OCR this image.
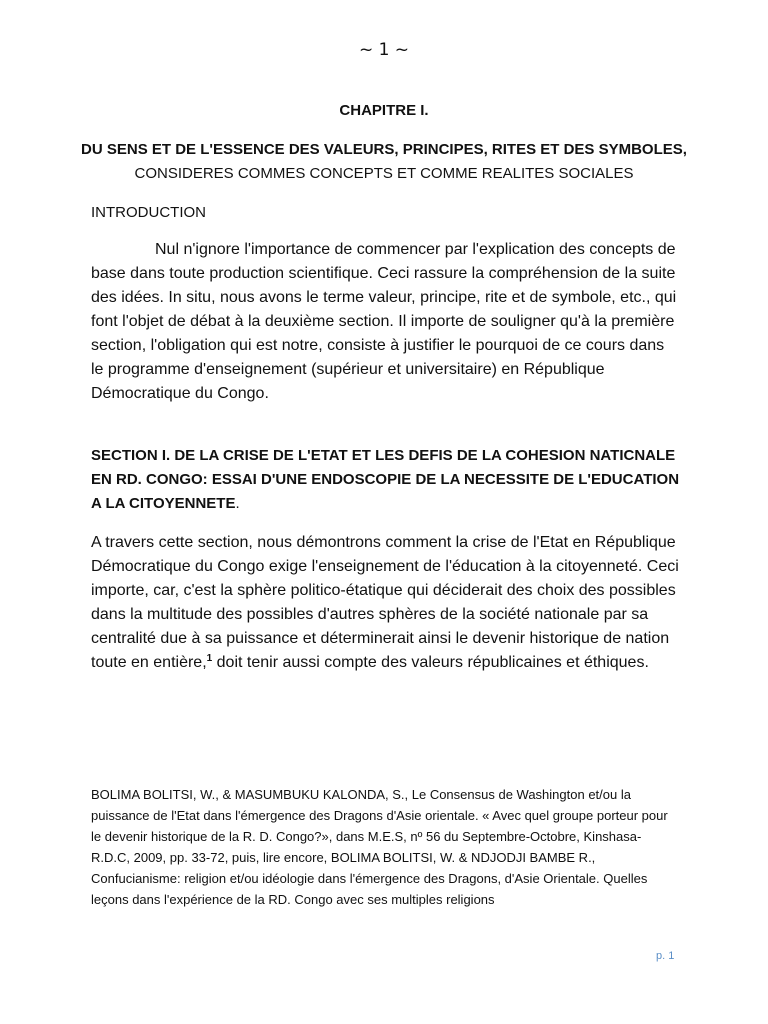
~ 1 ~
CHAPITRE I.
DU SENS ET DE L'ESSENCE DES VALEURS, PRINCIPES, RITES ET DES SYMBOLES,
CONSIDERES COMMES CONCEPTS ET COMME REALITES SOCIALES
INTRODUCTION

Nul n'ignore l'importance de commencer par l'explication des concepts de base dans toute production scientifique. Ceci rassure la compréhension de la suite des idées. In situ, nous avons le terme valeur, principe, rite et de symbole, etc., qui font l'objet de débat à la deuxième section. Il importe de souligner qu'à la première section, l'obligation qui est notre, consiste à justifier le pourquoi de ce cours dans le programme d'enseignement (supérieur et universitaire) en République Démocratique du Congo.

SECTION I. DE LA CRISE DE L'ETAT ET LES DEFIS DE LA COHESION NATICNALE EN RD. CONGO: ESSAI D'UNE ENDOSCOPIE DE LA NECESSITE DE L'EDUCATION A LA CITOYENNETE.

A travers cette section, nous démontrons comment la crise de l'Etat en République Démocratique du Congo exige l'enseignement de l'éducation à la citoyenneté. Ceci importe, car, c'est la sphère politico-étatique qui déciderait des choix des possibles dans la multitude des possibles d'autres sphères de la société nationale par sa centralité due à sa puissance et déterminerait ainsi le devenir historique de nation toute en entière,$^1$ doit tenir aussi compte des valeurs républicaines et éthiques.

BOLIMA BOLITSI, W., & MASUMBUKU KALONDA, S., Le Consensus de Washington et/ou la puissance de l'Etat dans l'émergence des Dragons d'Asie orientale. « Avec quel groupe porteur pour le devenir historique de la R. D. Congo?», dans M.E.S, nº 56 du Septembre-Octobre, Kinshasa- R.D.C, 2009, pp. 33-72, puis, lire encore, BOLIMA BOLITSI, W. & NDJODJI BAMBE R., Confucianisme: religion et/ou idéologie dans l'émergence des Dragons, d'Asie Orientale. Quelles leçons dans l'expérience de la RD. Congo avec ses multiples religions

p. 1
